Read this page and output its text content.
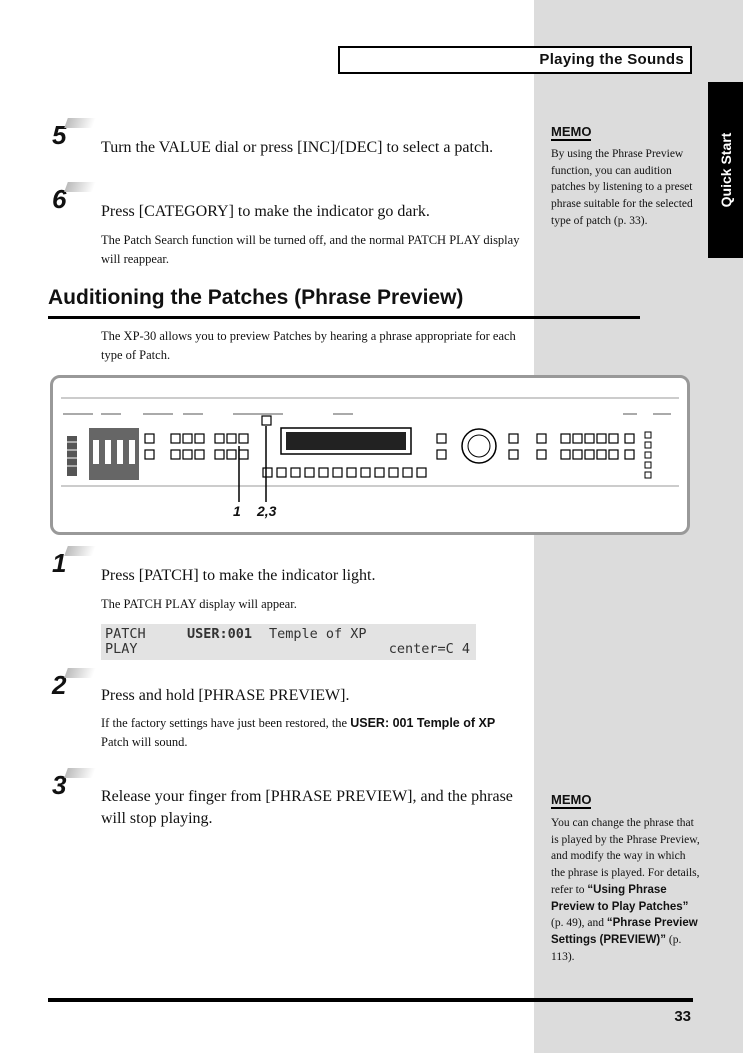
Playing the Sounds
Quick Start
5 Turn the VALUE dial or press [INC]/[DEC] to select a patch.
6 Press [CATEGORY] to make the indicator go dark.
The Patch Search function will be turned off, and the normal PATCH PLAY display will reappear.
MEMO
By using the Phrase Preview function, you can audition patches by listening to a preset phrase suitable for the selected type of patch (p. 33).
Auditioning the Patches (Phrase Preview)
The XP-30 allows you to preview Patches by hearing a phrase appropriate for each type of Patch.
1 2,3
1 Press [PATCH] to make the indicator light.
The PATCH PLAY display will appear.
PATCH	USER:001 Temple of XP
PLAY	center=C 4
2 Press and hold [PHRASE PREVIEW].
If the factory settings have just been restored, the USER: 001 Temple of XP
Patch will sound.
3 Release your finger from [PHRASE PREVIEW], and the phrase will stop playing.
MEMO
You can change the phrase that is played by the Phrase Preview, and modify the way in which the phrase is played. For details, refer to “Using Phrase Preview to Play Patches” (p. 49), and “Phrase Preview Settings (PREVIEW)” (p. 113).
33
